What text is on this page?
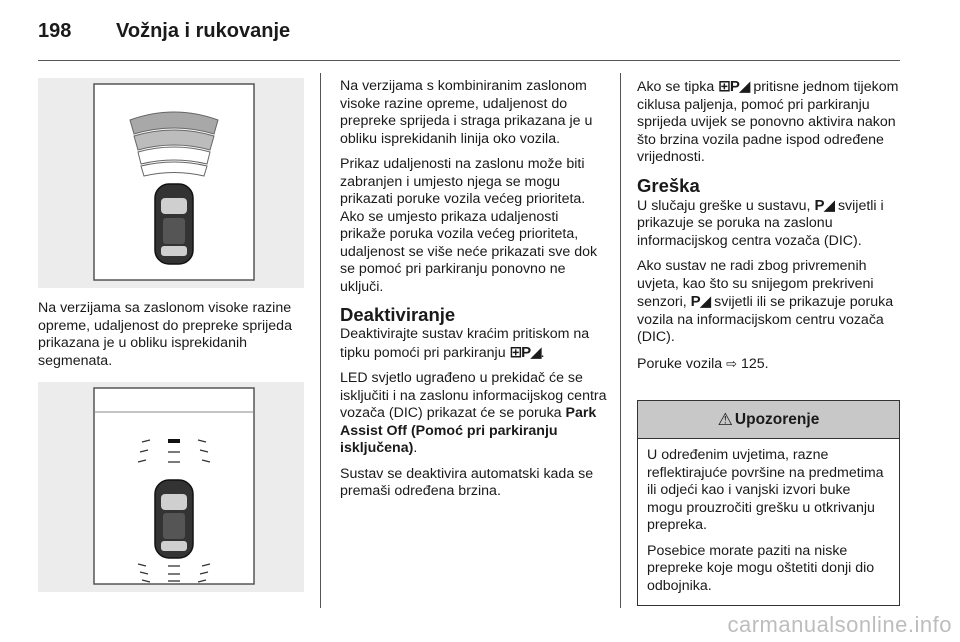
198	Vožnja i rukovanje
Na verzijama sa zaslonom visoke razine opreme, udaljenost do prepreke sprijeda prikazana je u obliku isprekidanih segmenata.

Na verzijama s kombiniranim zaslonom visoke razine opreme, udaljenost do prepreke sprijeda i straga prikazana je u obliku isprekidanih linija oko vozila.

Prikaz udaljenosti na zaslonu može biti zabranjen i umjesto njega se mogu prikazati poruke vozila većeg prioriteta. Ako se umjesto prikaza udaljenosti prikaže poruka vozila većeg prioriteta, udaljenost se više neće prikazati sve dok se pomoć pri parkiranju ponovno ne uključi.

Deaktiviranje

Deaktivirajte sustav kraćim pritiskom na tipku pomoći pri parkiranju ⊞P◢.

LED svjetlo ugrađeno u prekidač će se isključiti i na zaslonu informacijskog centra vozača (DIC) prikazat će se poruka Park Assist Off (Pomoć pri parkiranju isključena).

Sustav se deaktivira automatski kada se premaši određena brzina.

Ako se tipka ⊞P◢ pritisne jednom tijekom ciklusa paljenja, pomoć pri parkiranju sprijeda uvijek se ponovno aktivira nakon što brzina vozila padne ispod određene vrijednosti.

Greška

U slučaju greške u sustavu, P◢ svijetli i prikazuje se poruka na zaslonu informacijskog centra vozača (DIC).

Ako sustav ne radi zbog privremenih uvjeta, kao što su snijegom prekriveni senzori, P◢ svijetli ili se prikazuje poruka vozila na informacijskom centru vozača (DIC).

Poruke vozila ⇨ 125.

⚠ Upozorenje

U određenim uvjetima, razne reflektirajuće površine na predmetima ili odjeći kao i vanjski izvori buke mogu prouzročiti grešku u otkrivanju prepreka.

Posebice morate paziti na niske prepreke koje mogu oštetiti donji dio odbojnika.

carmanualsonline.info
